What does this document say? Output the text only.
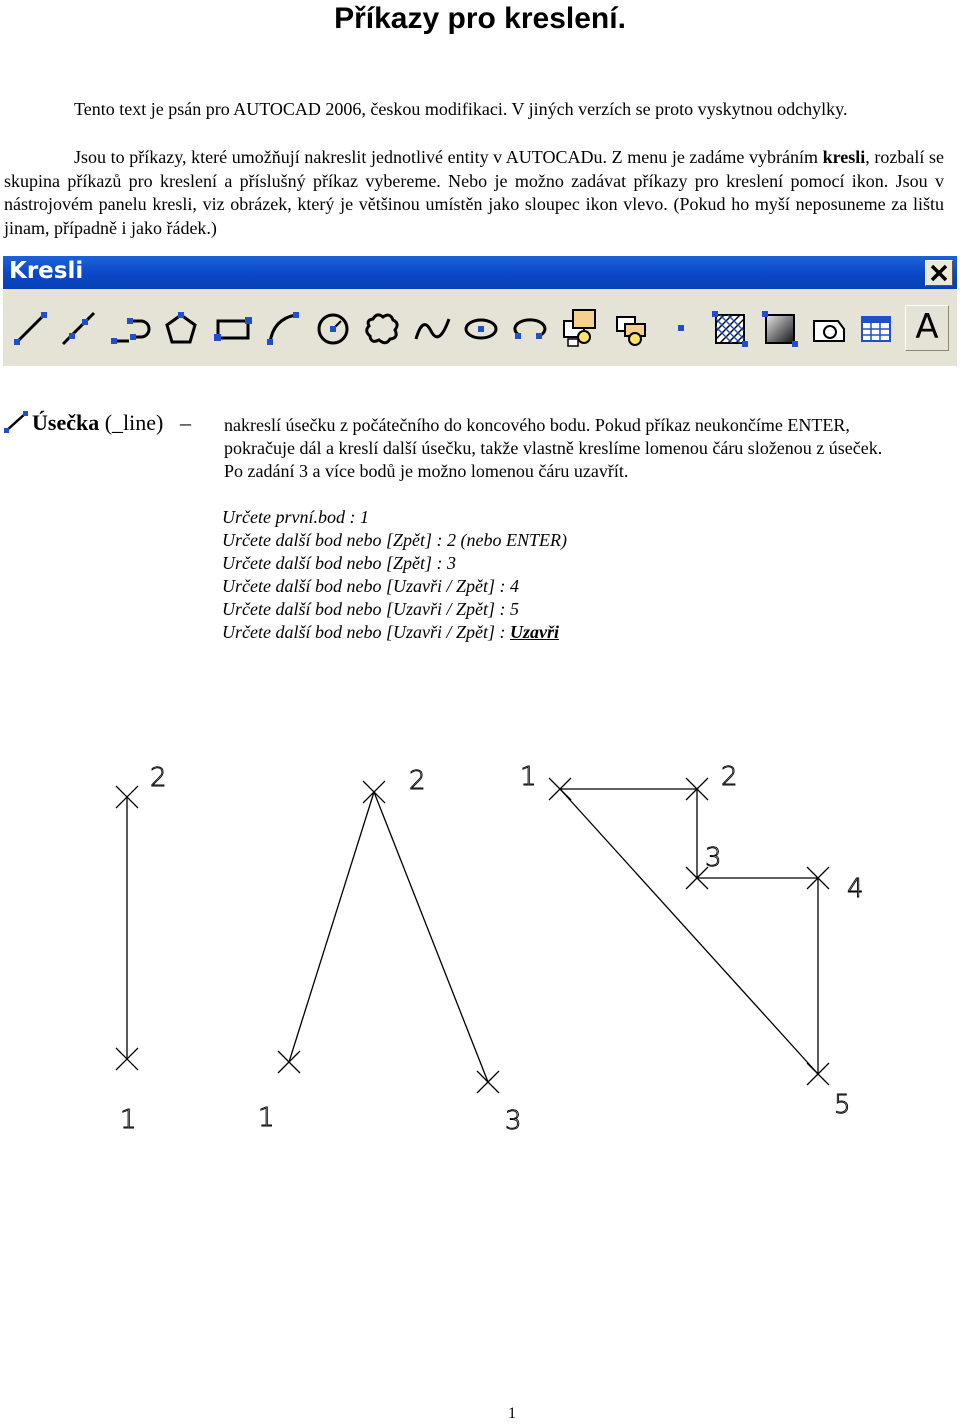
Příkazy pro kreslení.
Tento text je psán pro AUTOCAD 2006, českou modifikaci. V jiných verzích se proto vyskytnou odchylky.

Jsou to příkazy, které umožňují nakreslit jednotlivé entity v AUTOCADu. Z menu je zadáme vybráním kresli, rozbalí se skupina příkazů pro kreslení a příslušný příkaz vybereme. Nebo je možno zadávat příkazy pro kreslení pomocí ikon. Jsou v nástrojovém panelu kresli, viz obrázek, který je většinou umístěn jako sloupec ikon vlevo. (Pokud ho myší neposuneme za lištu jinam, případně i jako řádek.)

Kresli
A
Úsečka (_line) – nakreslí úsečku z počátečního do koncového bodu. Pokud příkaz neukončíme ENTER,

pokračuje dál a kreslí další úsečku, takže vlastně kreslíme lomenou čáru složenou z úseček.

Po zadání 3 a více bodů je možno lomenou čáru uzavřít.

Určete první.bod : 1
Určete další bod nebo [Zpět] : 2 (nebo ENTER)
Určete další bod nebo [Zpět] : 3
Určete další bod nebo [Uzavři / Zpět] : 4
Určete další bod nebo [Uzavři / Zpět] : 5
Určete další bod nebo [Uzavři / Zpět] : Uzavři
2
1
2
1	3
1	2
3
4
5
1
